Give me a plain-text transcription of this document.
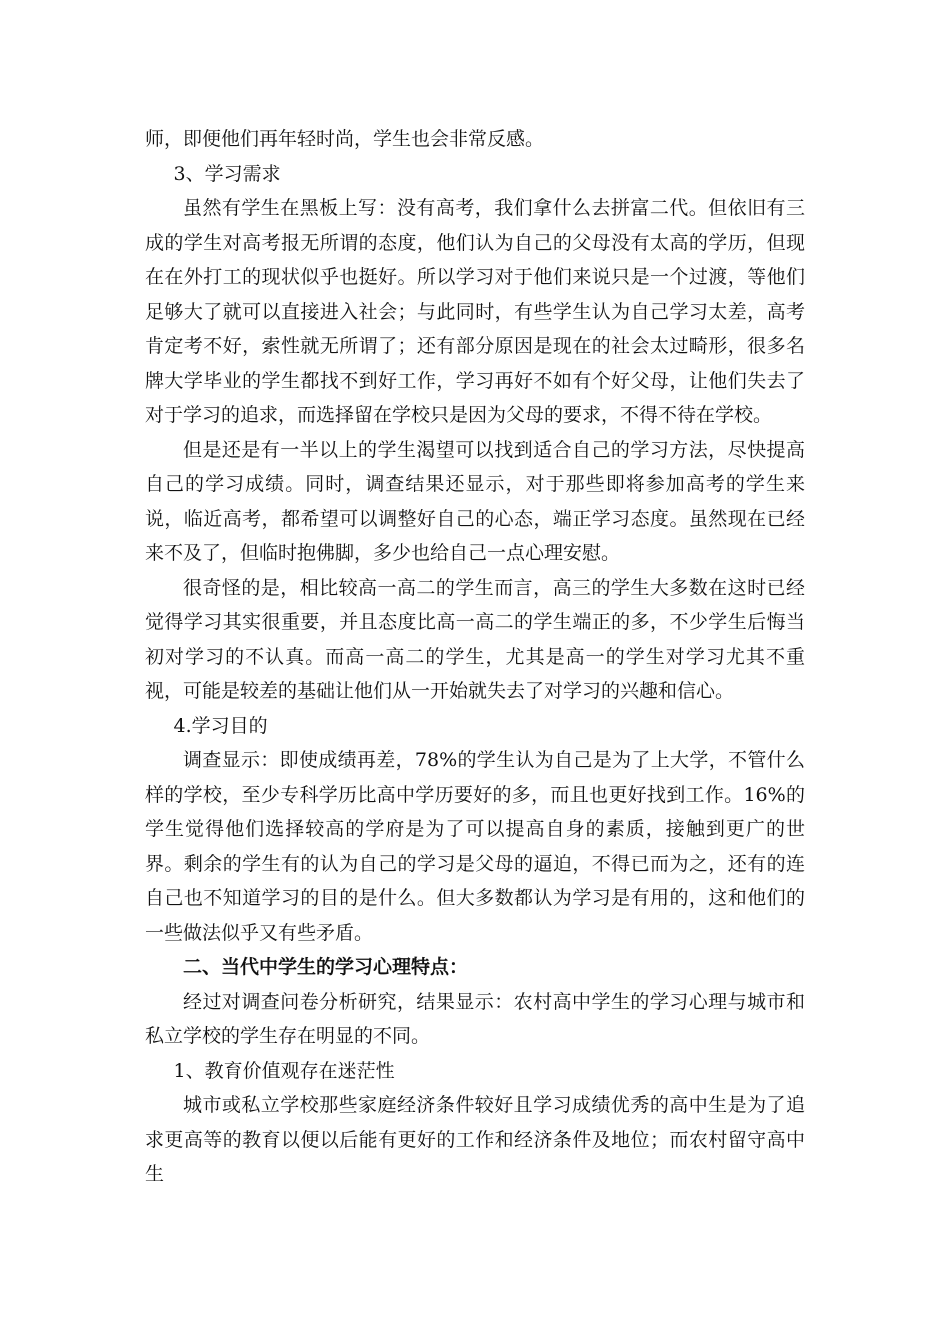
师，即便他们再年轻时尚，学生也会非常反感。

3、学习需求

虽然有学生在黑板上写：没有高考，我们拿什么去拼富二代。但依旧有三成的学生对高考报无所谓的态度，他们认为自己的父母没有太高的学历，但现在在外打工的现状似乎也挺好。所以学习对于他们来说只是一个过渡，等他们足够大了就可以直接进入社会；与此同时，有些学生认为自己学习太差，高考肯定考不好，索性就无所谓了；还有部分原因是现在的社会太过畸形，很多名牌大学毕业的学生都找不到好工作，学习再好不如有个好父母，让他们失去了对于学习的追求，而选择留在学校只是因为父母的要求，不得不待在学校。

但是还是有一半以上的学生渴望可以找到适合自己的学习方法，尽快提高自己的学习成绩。同时，调查结果还显示，对于那些即将参加高考的学生来说，临近高考，都希望可以调整好自己的心态，端正学习态度。虽然现在已经来不及了，但临时抱佛脚，多少也给自己一点心理安慰。

很奇怪的是，相比较高一高二的学生而言，高三的学生大多数在这时已经觉得学习其实很重要，并且态度比高一高二的学生端正的多，不少学生后悔当初对学习的不认真。而高一高二的学生，尤其是高一的学生对学习尤其不重视，可能是较差的基础让他们从一开始就失去了对学习的兴趣和信心。

4.学习目的

调查显示：即使成绩再差，78%的学生认为自己是为了上大学，不管什么样的学校，至少专科学历比高中学历要好的多，而且也更好找到工作。16%的学生觉得他们选择较高的学府是为了可以提高自身的素质，接触到更广的世界。剩余的学生有的认为自己的学习是父母的逼迫，不得已而为之，还有的连自己也不知道学习的目的是什么。但大多数都认为学习是有用的，这和他们的一些做法似乎又有些矛盾。

二、当代中学生的学习心理特点：

经过对调查问卷分析研究，结果显示：农村高中学生的学习心理与城市和私立学校的学生存在明显的不同。

1、教育价值观存在迷茫性

城市或私立学校那些家庭经济条件较好且学习成绩优秀的高中生是为了追求更高等的教育以便以后能有更好的工作和经济条件及地位；而农村留守高中生
